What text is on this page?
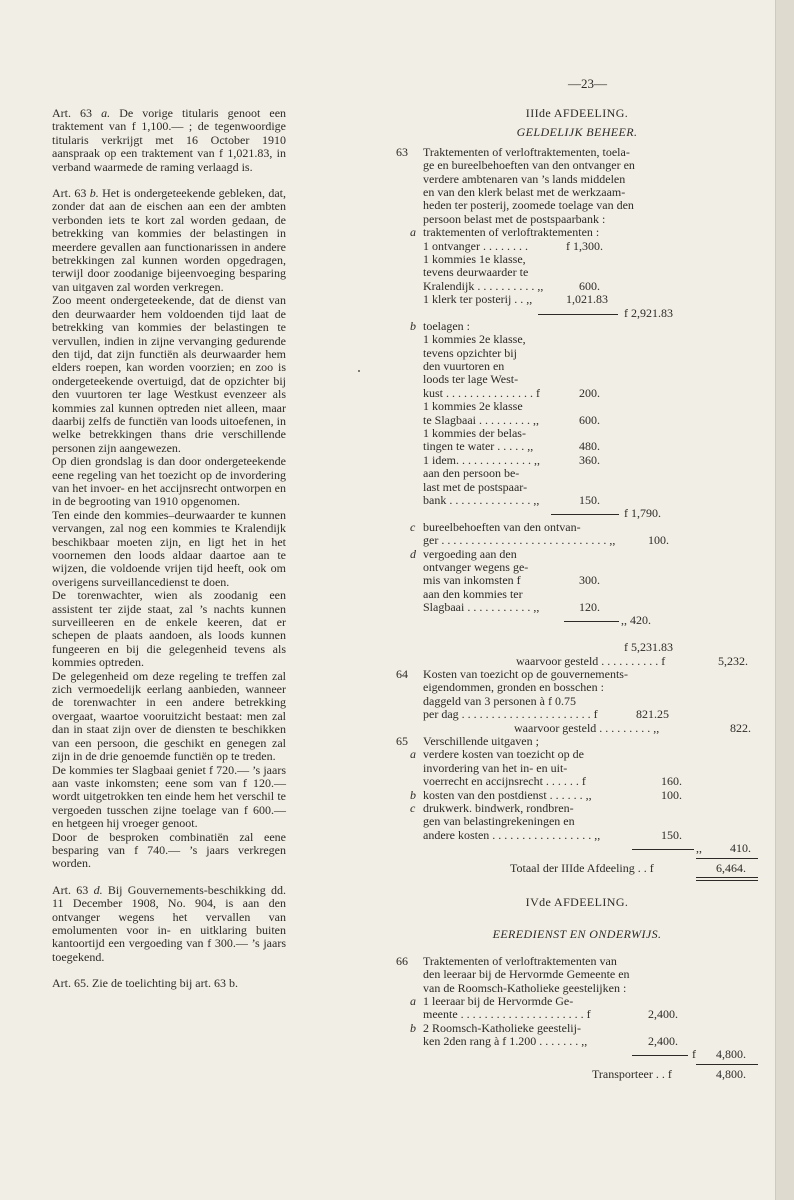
—23—

Art. 63 a. De vorige titularis genoot een traktement van f 1,100.— ; de tegenwoordige titularis verkrijgt met 16 October 1910 aanspraak op een traktement van f 1,021.83, in verband waarmede de raming verlaagd is.

Art. 63 b. Het is ondergeteekende gebleken, dat, zonder dat aan de eischen aan een der ambten verbonden iets te kort zal worden gedaan, de betrekking van kommies der belastingen in meerdere gevallen aan functionarissen in andere betrekkingen zal kunnen worden opgedragen, terwijl door zoodanige bijeenvoeging besparing van uitgaven zal worden verkregen.

Zoo meent ondergeteekende, dat de dienst van den deurwaarder hem voldoenden tijd laat de betrekking van kommies der belastingen te vervullen, indien in zijne vervanging gedurende den tijd, dat zijn functiën als deurwaarder hem elders roepen, kan worden voorzien; en zoo is ondergeteekende overtuigd, dat de opzichter bij den vuurtoren ter lage Westkust evenzeer als kommies zal kunnen optreden niet alleen, maar daarbij zelfs de functiën van loods uitoefenen, in welke betrekkingen thans drie verschillende personen zijn aangewezen.

Op dien grondslag is dan door ondergeteekende eene regeling van het toezicht op de invordering van het invoer- en het accijnsrecht ontworpen en in de begrooting van 1910 opgenomen.

Ten einde den kommies–deurwaarder te kunnen vervangen, zal nog een kommies te Kralendijk beschikbaar moeten zijn, en ligt het in het voornemen den loods aldaar daartoe aan te wijzen, die voldoende vrijen tijd heeft, ook om overigens surveillancedienst te doen.

De torenwachter, wien als zoodanig een assistent ter zijde staat, zal ’s nachts kunnen surveilleeren en de enkele keeren, dat er schepen de plaats aandoen, als loods kunnen fungeeren en bij die gelegenheid tevens als kommies optreden.

De gelegenheid om deze regeling te treffen zal zich vermoedelijk eerlang aanbieden, wanneer de torenwachter in een andere betrekking overgaat, waartoe vooruitzicht bestaat: men zal dan in staat zijn over de diensten te beschikken van een persoon, die geschikt en genegen zal zijn in de drie genoemde functiën op te treden.

De kommies ter Slagbaai geniet f 720.— ’s jaars aan vaste inkomsten; eene som van f 120.— wordt uitgetrokken ten einde hem het verschil te vergoeden tusschen zijne toelage van f 600.— en hetgeen hij vroeger genoot.

Door de besproken combinatiën zal eene besparing van f 740.— ’s jaars verkregen worden.

Art. 63 d. Bij Gouvernements-beschikking dd. 11 December 1908, No. 904, is aan den ontvanger wegens het vervallen van emolumenten voor in- en uitklaring buiten kantoortijd een vergoeding van f 300.— ’s jaars toegekend.

Art. 65. Zie de toelichting bij art. 63 b.

IIIde AFDEELING.
GELDELIJK BEHEER.
63 Traktementen of verloftraktementen, toela-
ge en bureelbehoeften van den ontvanger en
verdere ambtenaren van ’s lands middelen
en van den klerk belast met de werkzaam-
heden ter posterij, zoomede toelage van den
persoon belast met de postspaarbank :
a traktementen of verloftraktementen :
1 ontvanger . . . . . . . .	f 1,300.
1 kommies 1e klasse,
tevens deurwaarder te
Kralendijk . . . . . . . . . . ,,	600.
1 klerk ter posterij . . ,,	1,021.83
f 2,921.83
b toelagen :
1 kommies 2e klasse,
tevens opzichter bij
den vuurtoren en
loods ter lage West-
kust . . . . . . . . . . . . . . . f	200.
1 kommies 2e klasse
te Slagbaai . . . . . . . . . ,,	600.
1 kommies der belas-
tingen te water . . . . . ,,	480.
1 idem. . . . . . . . . . . . . ,,	360.
aan den persoon be-
last met de postspaar-
bank . . . . . . . . . . . . . . ,,	150.
f 1,790.
c bureelbehoeften van den ontvan-
ger . . . . . . . . . . . . . . . . . . . . . . . . . . . . ,,	100.
d vergoeding aan den
ontvanger wegens ge-
mis van inkomsten f	300.
aan den kommies ter
Slagbaai . . . . . . . . . . . ,,	120.
,, 420.
f 5,231.83
waarvoor gesteld . . . . . . . . . . f	5,232.
64 Kosten van toezicht op de gouvernements-
eigendommen, gronden en bosschen :
daggeld van 3 personen à f 0.75
per dag . . . . . . . . . . . . . . . . . . . . . . f	821.25
waarvoor gesteld . . . . . . . . . ,,	822.
65 Verschillende uitgaven ;
a verdere kosten van toezicht op de
invordering van het in- en uit-
voerrecht en accijnsrecht . . . . . . f	160.
b kosten van den postdienst . . . . . . ,,	100.
c drukwerk. bindwerk, rondbren-
gen van belastingrekeningen en
andere kosten . . . . . . . . . . . . . . . . . ,,	150.
,, 410.
Totaal der IIIde Afdeeling . . f	6,464.
IVde AFDEELING.
EEREDIENST EN ONDERWIJS.
66 Traktementen of verloftraktementen van
den leeraar bij de Hervormde Gemeente en
van de Roomsch-Katholieke geestelijken :
a 1 leeraar bij de Hervormde Ge-
meente . . . . . . . . . . . . . . . . . . . . . f	2,400.
b 2 Roomsch-Katholieke geestelij-
ken 2den rang à f 1.200 . . . . . . . ,,	2,400.
f 4,800.
Transporteer . . f	4,800.
